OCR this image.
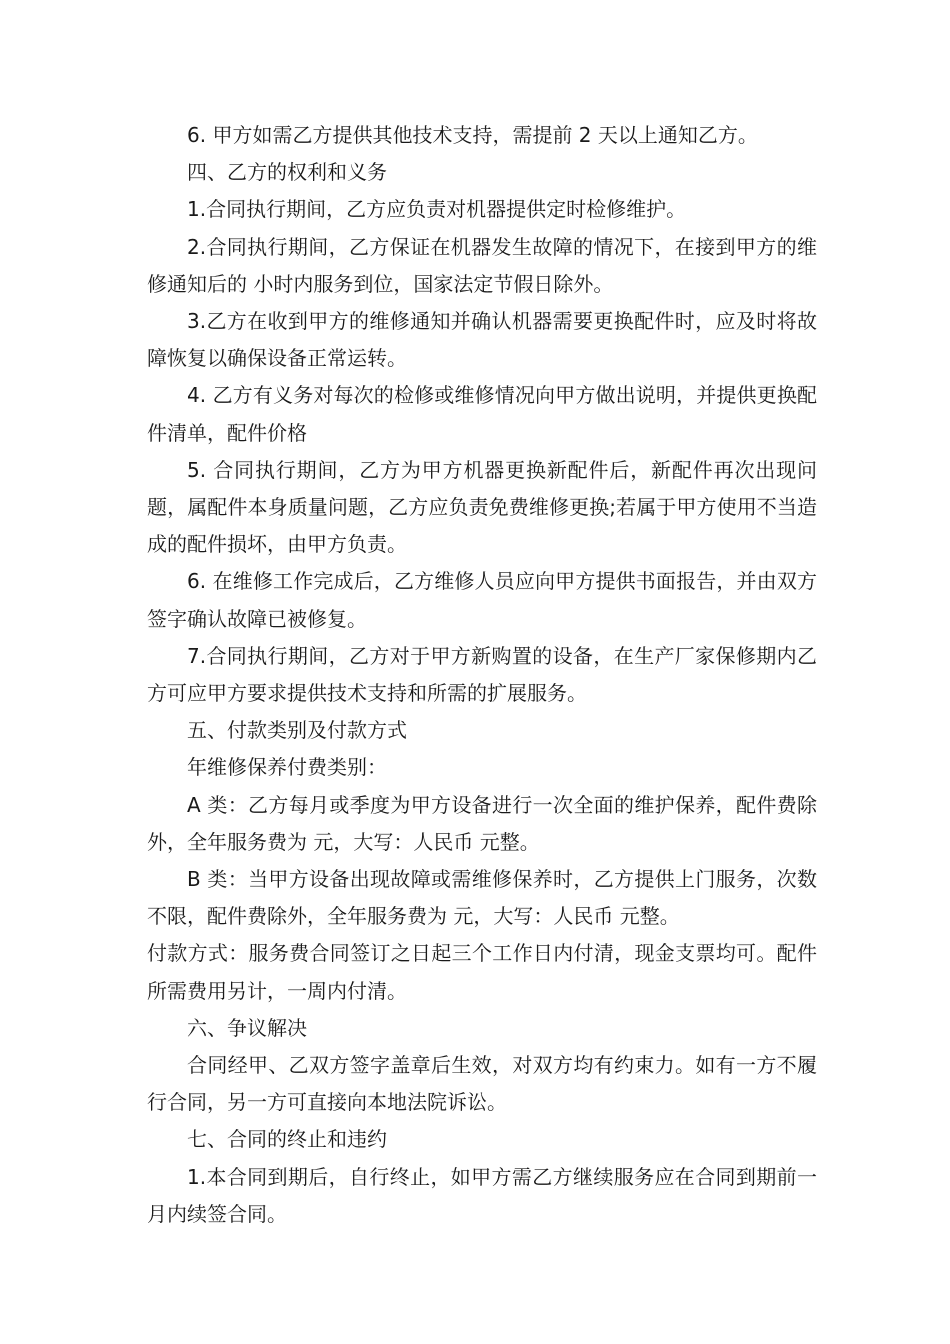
6. 甲方如需乙方提供其他技术支持，需提前 2 天以上通知乙方。

四、乙方的权利和义务

1.合同执行期间，乙方应负责对机器提供定时检修维护。

2.合同执行期间，乙方保证在机器发生故障的情况下，在接到甲方的维修通知后的 小时内服务到位，国家法定节假日除外。

3.乙方在收到甲方的维修通知并确认机器需要更换配件时，应及时将故障恢复以确保设备正常运转。

4. 乙方有义务对每次的检修或维修情况向甲方做出说明，并提供更换配件清单，配件价格

5. 合同执行期间，乙方为甲方机器更换新配件后，新配件再次出现问题，属配件本身质量问题，乙方应负责免费维修更换;若属于甲方使用不当造成的配件损坏，由甲方负责。

6. 在维修工作完成后，乙方维修人员应向甲方提供书面报告，并由双方签字确认故障已被修复。

7.合同执行期间，乙方对于甲方新购置的设备，在生产厂家保修期内乙方可应甲方要求提供技术支持和所需的扩展服务。

五、付款类别及付款方式

年维修保养付费类别：

A 类：乙方每月或季度为甲方设备进行一次全面的维护保养，配件费除外，全年服务费为 元，大写：人民币 元整。

B 类：当甲方设备出现故障或需维修保养时，乙方提供上门服务，次数不限，配件费除外，全年服务费为 元，大写：人民币 元整。

付款方式：服务费合同签订之日起三个工作日内付清，现金支票均可。配件所需费用另计，一周内付清。

六、争议解决

合同经甲、乙双方签字盖章后生效，对双方均有约束力。如有一方不履行合同，另一方可直接向本地法院诉讼。

七、合同的终止和违约

1.本合同到期后，自行终止，如甲方需乙方继续服务应在合同到期前一月内续签合同。
